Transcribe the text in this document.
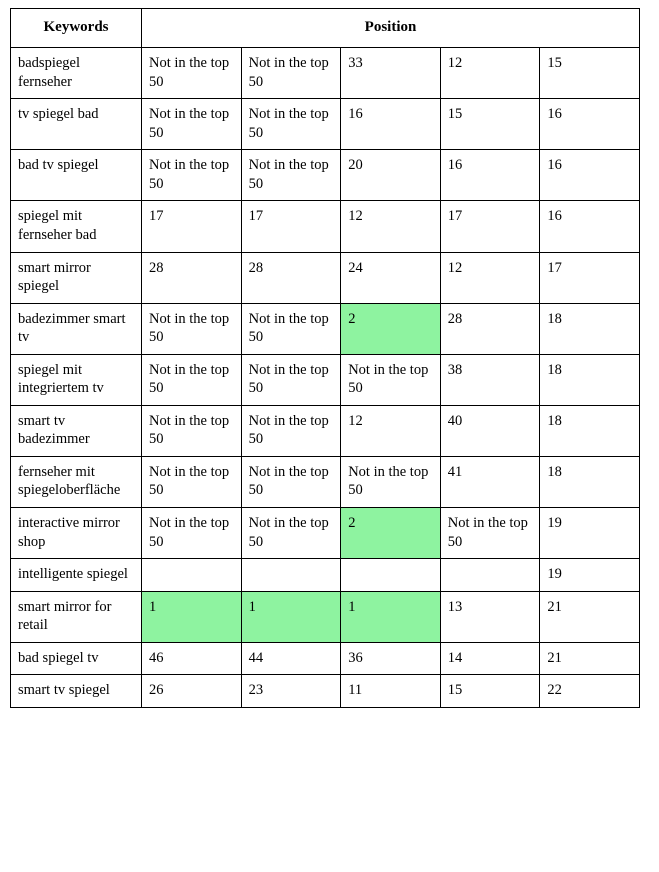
Keywords	Position				
badspiegel fernseher	Not in the top 50	Not in the top 50	33	12	15
tv spiegel bad	Not in the top 50	Not in the top 50	16	15	16
bad tv spiegel	Not in the top 50	Not in the top 50	20	16	16
spiegel mit fernseher bad	17	17	12	17	16
smart mirror spiegel	28	28	24	12	17
badezimmer smart tv	Not in the top 50	Not in the top 50	2	28	18
spiegel mit integriertem tv	Not in the top 50	Not in the top 50	Not in the top 50	38	18
smart tv badezimmer	Not in the top 50	Not in the top 50	12	40	18
fernseher mit spiegeloberfläche	Not in the top 50	Not in the top 50	Not in the top 50	41	18
interactive mirror shop	Not in the top 50	Not in the top 50	2	Not in the top 50	19
intelligente spiegel					19
smart mirror for retail	1	1	1	13	21
bad spiegel tv	46	44	36	14	21
smart tv spiegel	26	23	11	15	22
